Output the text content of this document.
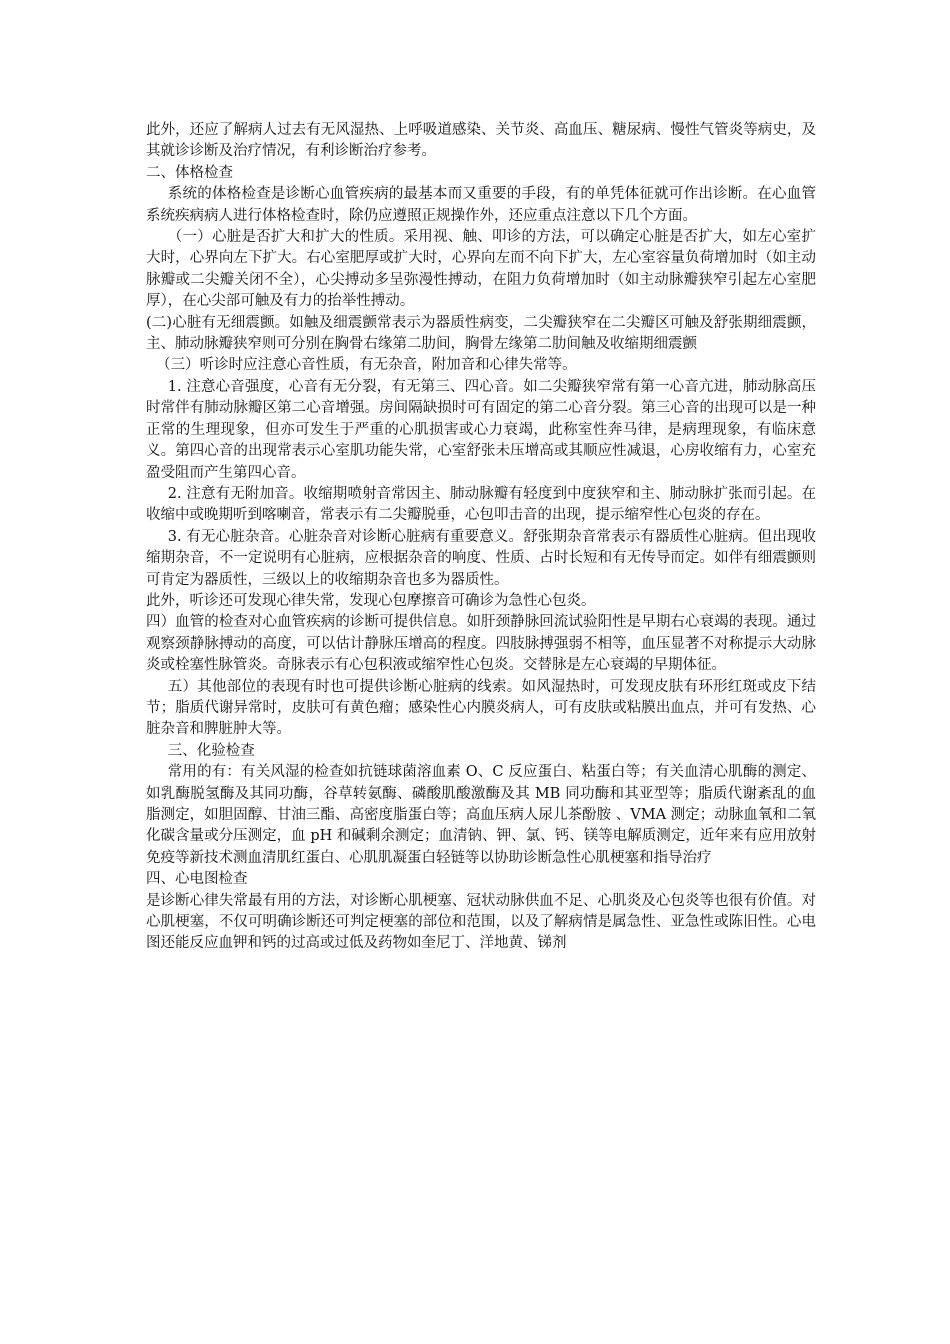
此外，还应了解病人过去有无风湿热、上呼吸道感染、关节炎、高血压、糖尿病、慢性气管炎等病史，及其就诊诊断及治疗情况，有利诊断治疗参考。

二、体格检查

系统的体格检查是诊断心血管疾病的最基本而又重要的手段，有的单凭体征就可作出诊断。在心血管系统疾病病人进行体格检查时，除仍应遵照正规操作外，还应重点注意以下几个方面。

（一）心脏是否扩大和扩大的性质。采用视、触、叩诊的方法，可以确定心脏是否扩大，如左心室扩大时，心界向左下扩大。右心室肥厚或扩大时，心界向左而不向下扩大，左心室容量负荷增加时（如主动脉瓣或二尖瓣关闭不全），心尖搏动多呈弥漫性搏动，在阻力负荷增加时（如主动脉瓣狭窄引起左心室肥厚），在心尖部可触及有力的抬举性搏动。

(二)心脏有无细震颤。如触及细震颤常表示为器质性病变，二尖瓣狭窄在二尖瓣区可触及舒张期细震颤，主、肺动脉瓣狭窄则可分别在胸骨右缘第二肋间，胸骨左缘第二肋间触及收缩期细震颤

（三）听诊时应注意心音性质，有无杂音，附加音和心律失常等。

1. 注意心音强度，心音有无分裂，有无第三、四心音。如二尖瓣狭窄常有第一心音亢进，肺动脉高压时常伴有肺动脉瓣区第二心音增强。房间隔缺损时可有固定的第二心音分裂。第三心音的出现可以是一种正常的生理现象，但亦可发生于严重的心肌损害或心力衰竭，此称室性奔马律，是病理现象，有临床意义。第四心音的出现常表示心室肌功能失常，心室舒张未压增高或其顺应性减退，心房收缩有力，心室充盈受阻而产生第四心音。

2. 注意有无附加音。收缩期喷射音常因主、肺动脉瓣有轻度到中度狭窄和主、肺动脉扩张而引起。在收缩中或晚期听到喀喇音，常表示有二尖瓣脱垂，心包叩击音的出现，提示缩窄性心包炎的存在。

3. 有无心脏杂音。心脏杂音对诊断心脏病有重要意义。舒张期杂音常表示有器质性心脏病。但出现收缩期杂音，不一定说明有心脏病，应根据杂音的响度、性质、占时长短和有无传导而定。如伴有细震颤则可肯定为器质性，三级以上的收缩期杂音也多为器质性。

此外，听诊还可发现心律失常，发现心包摩擦音可确诊为急性心包炎。

四）血管的检查对心血管疾病的诊断可提供信息。如肝颈静脉回流试验阳性是早期右心衰竭的表现。通过观察颈静脉搏动的高度，可以估计静脉压增高的程度。四肢脉搏强弱不相等，血压显著不对称提示大动脉炎或栓塞性脉管炎。奇脉表示有心包积液或缩窄性心包炎。交替脉是左心衰竭的早期体征。

五）其他部位的表现有时也可提供诊断心脏病的线索。如风湿热时，可发现皮肤有环形红斑或皮下结节；脂质代谢异常时，皮肤可有黄色瘤；感染性心内膜炎病人，可有皮肤或粘膜出血点，并可有发热、心脏杂音和脾脏肿大等。

三、化验检查

常用的有：有关风湿的检查如抗链球菌溶血素 O、C 反应蛋白、粘蛋白等；有关血清心肌酶的测定、如乳酶脱氢酶及其同功酶，谷草转氨酶、磷酸肌酸激酶及其 MB 同功酶和其亚型等；脂质代谢紊乱的血脂测定，如胆固醇、甘油三酯、高密度脂蛋白等；高血压病人尿儿茶酚胺 、VMA 测定；动脉血氧和二氧化碳含量或分压测定，血 pH 和碱剩余测定；血清钠、钾、氯、钙、镁等电解质测定，近年来有应用放射免疫等新技术测血清肌红蛋白、心肌肌凝蛋白轻链等以协助诊断急性心肌梗塞和指导治疗

四、心电图检查

是诊断心律失常最有用的方法，对诊断心肌梗塞、冠状动脉供血不足、心肌炎及心包炎等也很有价值。对心肌梗塞，不仅可明确诊断还可判定梗塞的部位和范围，以及了解病情是属急性、亚急性或陈旧性。心电图还能反应血钾和钙的过高或过低及药物如奎尼丁、洋地黄、锑剂
